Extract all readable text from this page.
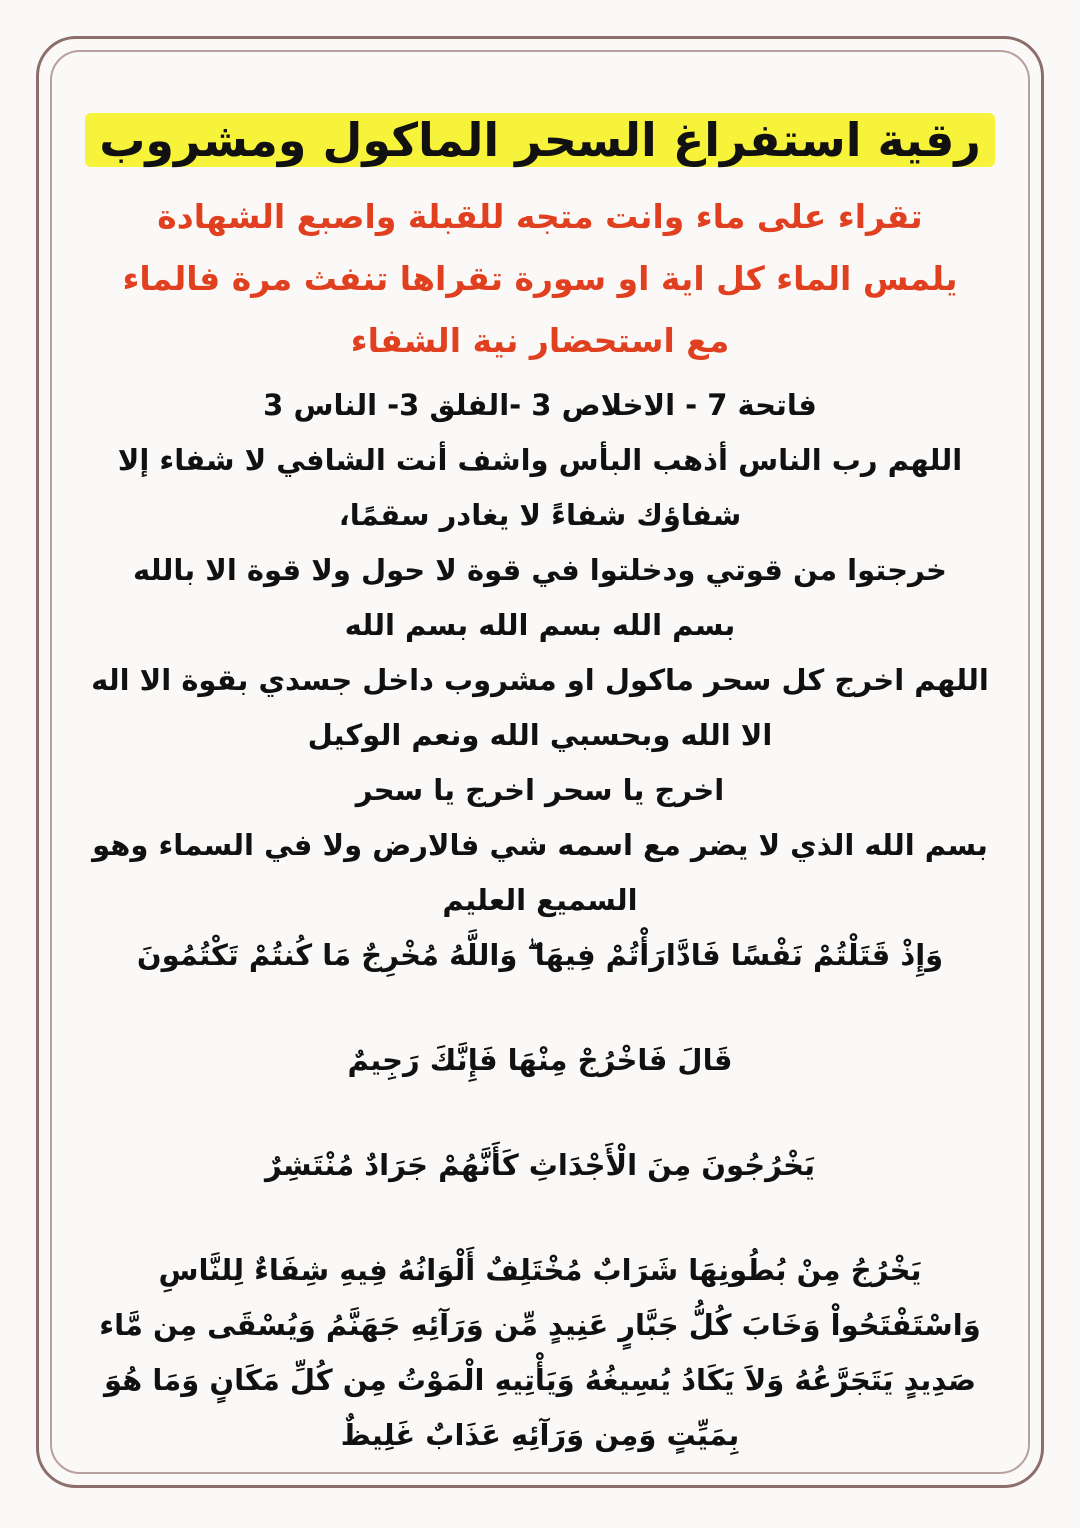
رقية استفراغ السحر الماكول ومشروب
تقراء على ماء وانت متجه للقبلة واصبع الشهادة يلمس الماء كل اية او سورة تقراها تنفث مرة فالماء مع استحضار نية الشفاء
فاتحة 7 - الاخلاص 3 -الفلق 3- الناس 3
اللهم رب الناس أذهب البأس واشف أنت الشافي لا شفاء إلا
شفاؤك شفاءً لا يغادر سقمًا،
خرجتوا من قوتي ودخلتوا في قوة لا حول ولا قوة الا بالله
بسم الله بسم الله بسم الله
اللهم اخرج كل سحر ماكول او مشروب داخل جسدي بقوة الا اله
الا الله وبحسبي الله ونعم الوكيل
اخرج يا سحر اخرج يا سحر
بسم الله الذي لا يضر مع اسمه شي فالارض ولا في السماء وهو
السميع العليم
وَإِذْ قَتَلْتُمْ نَفْسًا فَادَّارَأْتُمْ فِيهَا ۖ وَاللَّهُ مُخْرِجٌ مَا كُنتُمْ تَكْتُمُونَ
قَالَ فَاخْرُجْ مِنْهَا فَإِنَّكَ رَجِيمٌ
يَخْرُجُونَ مِنَ الْأَجْدَاثِ كَأَنَّهُمْ جَرَادٌ مُنْتَشِرٌ
يَخْرُجُ مِنْ بُطُونِهَا شَرَابٌ مُخْتَلِفٌ أَلْوَانُهُ فِيهِ شِفَاءٌ لِلنَّاسِ
وَاسْتَفْتَحُواْ وَخَابَ كُلُّ جَبَّارٍ عَنِيدٍ مِّن وَرَآئِهِ جَهَنَّمُ وَيُسْقَى مِن مَّاء
صَدِيدٍ يَتَجَرَّعُهُ وَلاَ يَكَادُ يُسِيغُهُ وَيَأْتِيهِ الْمَوْتُ مِن كُلِّ مَكَانٍ وَمَا هُوَ
بِمَيِّتٍ وَمِن وَرَآئِهِ عَذَابٌ غَلِيظٌ
